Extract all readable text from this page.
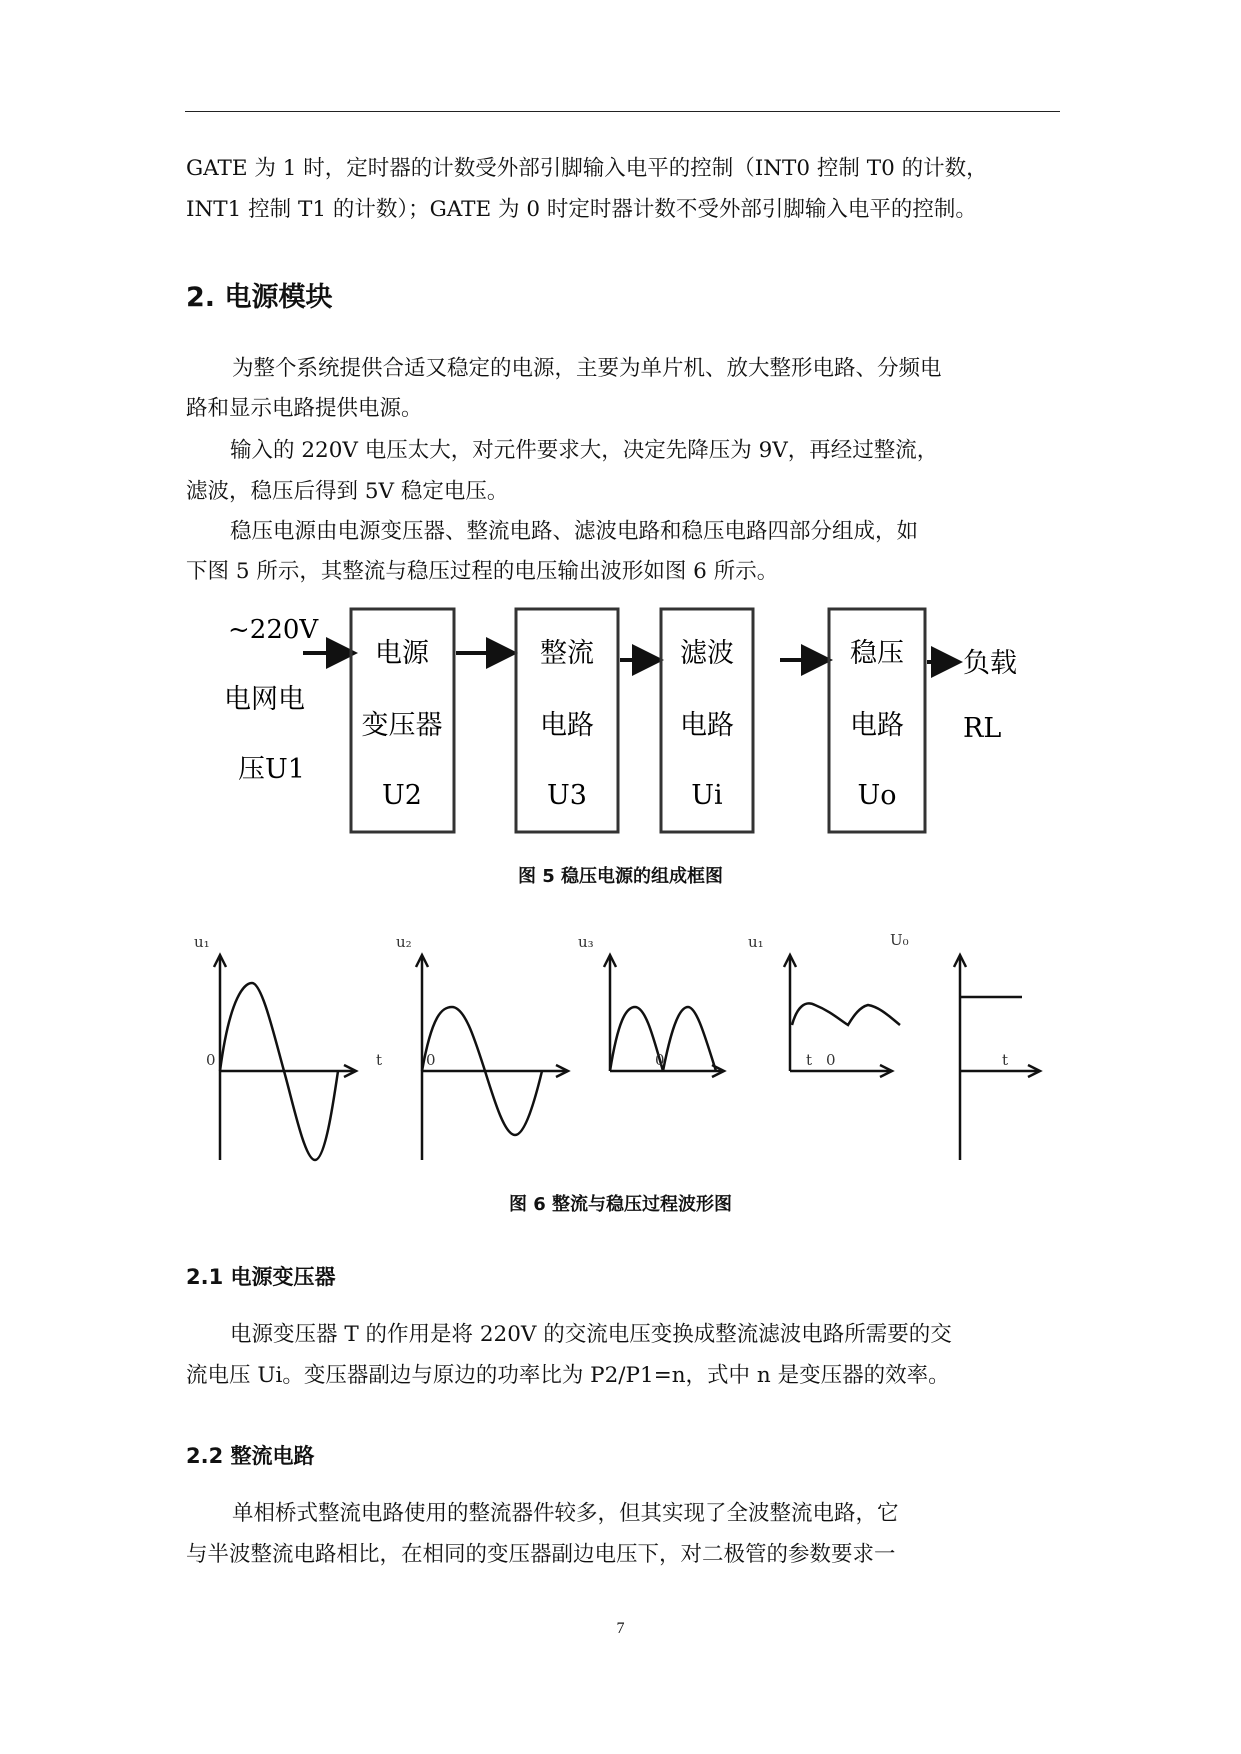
GATE 为 1 时，定时器的计数受外部引脚输入电平的控制（INT0 控制 T0 的计数，

INT1 控制 T1 的计数）；GATE 为 0 时定时器计数不受外部引脚输入电平的控制。

2. 电源模块

为整个系统提供合适又稳定的电源，主要为单片机、放大整形电路、分频电

路和显示电路提供电源。

输入的 220V 电压太大，对元件要求大，决定先降压为 9V，再经过整流，

滤波，稳压后得到 5V 稳定电压。

稳压电源由电源变压器、整流电路、滤波电路和稳压电路四部分组成，如

下图 5 所示，其整流与稳压过程的电压输出波形如图 6 所示。

~220V
电网电
压U1
电源
变压器
U2
整流
电路
U3
滤波
电路
Ui
稳压
电路
Uo
负载
RL

图 5 稳压电源的组成框图

u₁	u₂	u₃	u₁	U₀
0	0	0	0
t	t	t

图 6 整流与稳压过程波形图

2.1 电源变压器

电源变压器 T 的作用是将 220V 的交流电压变换成整流滤波电路所需要的交

流电压 Ui。变压器副边与原边的功率比为 P2/P1=n，式中 n 是变压器的效率。

2.2 整流电路

单相桥式整流电路使用的整流器件较多，但其实现了全波整流电路，它

与半波整流电路相比，在相同的变压器副边电压下，对二极管的参数要求一

7
